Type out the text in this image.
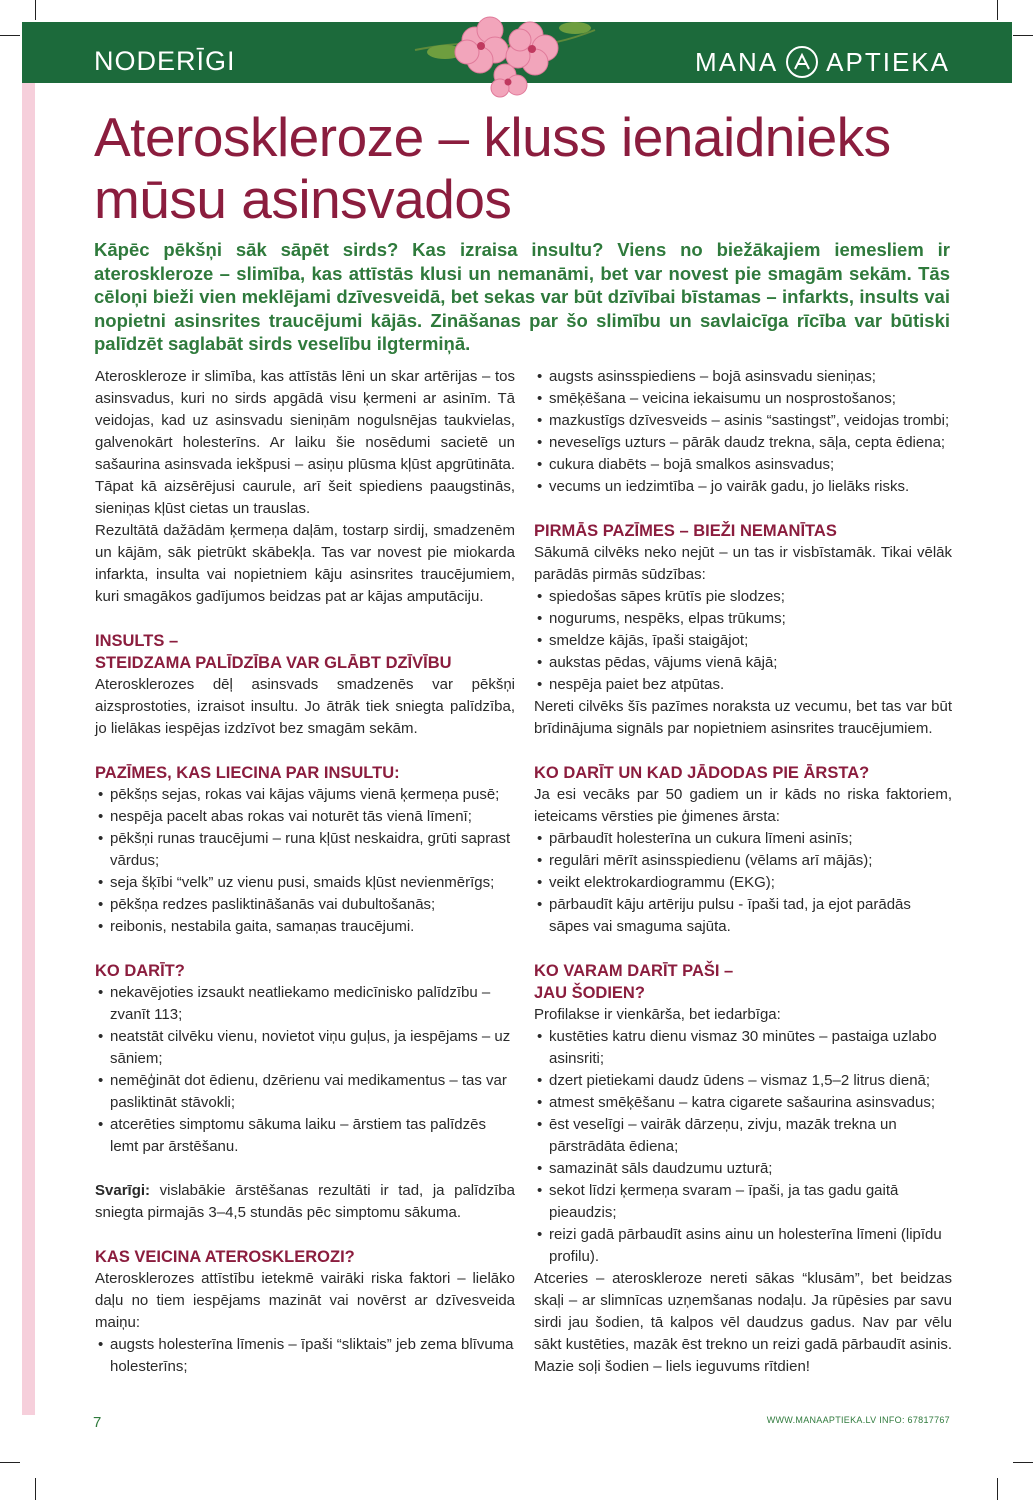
NODERĪGI	MANA APTIEKA
Ateroskleroze – kluss ienaidnieks mūsu asinsvados

Kāpēc pēkšņi sāk sāpēt sirds? Kas izraisa insultu? Viens no biežākajiem iemesliem ir ateroskleroze – slimība, kas attīstās klusi un nemanāmi, bet var novest pie smagām sekām. Tās cēloņi bieži vien meklējami dzīvesveidā, bet sekas var būt dzīvībai bīstamas – infarkts, insults vai nopietni asinsrites traucējumi kājās. Zināšanas par šo slimību un savlaicīga rīcība var būtiski palīdzēt saglabāt sirds veselību ilgtermiņā.

Ateroskleroze ir slimība, kas attīstās lēni un skar artērijas – tos asinsvadus, kuri no sirds apgādā visu ķermeni ar asinīm. Tā veidojas, kad uz asinsvadu sieniņām nogulsnējas taukvielas, galvenokārt holesterīns. Ar laiku šie nosēdumi sacietē un sašaurina asinsvada iekšpusi – asiņu plūsma kļūst apgrūtināta. Tāpat kā aizsērējusi caurule, arī šeit spiediens paaugstinās, sieniņas kļūst cietas un trauslas.

Rezultātā dažādām ķermeņa daļām, tostarp sirdij, smadzenēm un kājām, sāk pietrūkt skābekļa. Tas var novest pie miokarda infarkta, insulta vai nopietniem kāju asinsrites traucējumiem, kuri smagākos gadījumos beidzas pat ar kājas amputāciju.

INSULTS –
STEIDZAMA PALĪDZĪBA VAR GLĀBT DZĪVĪBU

Aterosklerozes dēļ asinsvads smadzenēs var pēkšņi aizsprostoties, izraisot insultu. Jo ātrāk tiek sniegta palīdzība, jo lielākas iespējas izdzīvot bez smagām sekām.

PAZĪMES, KAS LIECINA PAR INSULTU:
• pēkšņs sejas, rokas vai kājas vājums vienā ķermeņa pusē;
• nespēja pacelt abas rokas vai noturēt tās vienā līmenī;
• pēkšņi runas traucējumi – runa kļūst neskaidra, grūti saprast vārdus;
• seja šķībi “velk” uz vienu pusi, smaids kļūst nevienmērīgs;
• pēkšņa redzes pasliktināšanās vai dubultošanās;
• reibonis, nestabila gaita, samaņas traucējumi.
KO DARĪT?
• nekavējoties izsaukt neatliekamo medicīnisko palīdzību – zvanīt 113;
• neatstāt cilvēku vienu, novietot viņu guļus, ja iespējams – uz sāniem;
• nemēģināt dot ēdienu, dzērienu vai medikamentus – tas var pasliktināt stāvokli;
• atcerēties simptomu sākuma laiku – ārstiem tas palīdzēs lemt par ārstēšanu.

Svarīgi: vislabākie ārstēšanas rezultāti ir tad, ja palīdzība sniegta pirmajās 3–4,5 stundās pēc simptomu sākuma.

KAS VEICINA ATEROSKLEROZI?

Aterosklerozes attīstību ietekmē vairāki riska faktori – lielāko daļu no tiem iespējams mazināt vai novērst ar dzīvesveida maiņu:

• augsts holesterīna līmenis – īpaši “sliktais” jeb zema blīvuma holesterīns;
• augsts asinsspiediens – bojā asinsvadu sieniņas;
• smēķēšana – veicina iekaisumu un nosprostošanos;
• mazkustīgs dzīvesveids – asinis “sastingst”, veidojas trombi;
• neveselīgs uzturs – pārāk daudz trekna, sāļa, cepta ēdiena;
• cukura diabēts – bojā smalkos asinsvadus;
• vecums un iedzimtība – jo vairāk gadu, jo lielāks risks.
PIRMĀS PAZĪMES – BIEŽI NEMANĪTAS

Sākumā cilvēks neko nejūt – un tas ir visbīstamāk. Tikai vēlāk parādās pirmās sūdzības:

• spiedošas sāpes krūtīs pie slodzes;
• nogurums, nespēks, elpas trūkums;
• smeldze kājās, īpaši staigājot;
• aukstas pēdas, vājums vienā kājā;
• nespēja paiet bez atpūtas.

Nereti cilvēks šīs pazīmes noraksta uz vecumu, bet tas var būt brīdinājuma signāls par nopietniem asinsrites traucējumiem.

KO DARĪT UN KAD JĀDODAS PIE ĀRSTA?

Ja esi vecāks par 50 gadiem un ir kāds no riska faktoriem, ieteicams vērsties pie ģimenes ārsta:

• pārbaudīt holesterīna un cukura līmeni asinīs;
• regulāri mērīt asinsspiedienu (vēlams arī mājās);
• veikt elektrokardiogrammu (EKG);
• pārbaudīt kāju artēriju pulsu - īpaši tad, ja ejot parādās sāpes vai smaguma sajūta.
KO VARAM DARĪT PAŠI –
JAU ŠODIEN?

Profilakse ir vienkārša, bet iedarbīga:

• kustēties katru dienu vismaz 30 minūtes – pastaiga uzlabo asinsriti;
• dzert pietiekami daudz ūdens – vismaz 1,5–2 litrus dienā;
• atmest smēķēšanu – katra cigarete sašaurina asinsvadus;
• ēst veselīgi – vairāk dārzeņu, zivju, mazāk trekna un pārstrādāta ēdiena;
• samazināt sāls daudzumu uzturā;
• sekot līdzi ķermeņa svaram – īpaši, ja tas gadu gaitā pieaudzis;
• reizi gadā pārbaudīt asins ainu un holesterīna līmeni (lipīdu profilu).

Atceries – ateroskleroze nereti sākas “klusām”, bet beidzas skaļi – ar slimnīcas uzņemšanas nodaļu. Ja rūpēsies par savu sirdi jau šodien, tā kalpos vēl daudzus gadus. Nav par vēlu sākt kustēties, mazāk ēst trekno un reizi gadā pārbaudīt asinis. Mazie soļi šodien – liels ieguvums rītdien!

7	WWW.MANAAPTIEKA.LV INFO: 67817767
